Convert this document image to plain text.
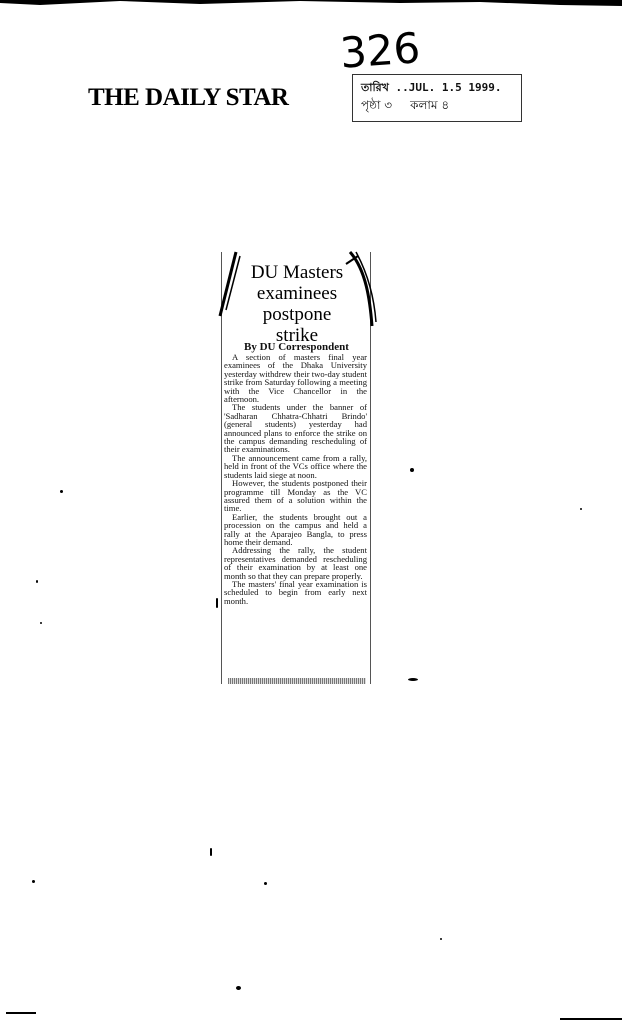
326
THE DAILY STAR	তারিখ ..JUL. 1.5 1999.
পৃষ্ঠা ৩ কলাম ৪
DU Masters
examinees
postpone
strike
By DU Correspondent

A section of masters final year examinees of the Dhaka University yesterday withdrew their two-day student strike from Saturday following a meeting with the Vice Chancellor in the afternoon.

The students under the banner of 'Sadharan Chhatra-Chhatri Brindo' (general students) yesterday had announced plans to enforce the strike on the campus demanding rescheduling of their examinations.

The announcement came from a rally, held in front of the VCs office where the students laid siege at noon.

However, the students postponed their programme till Monday as the VC assured them of a solution within the time.

Earlier, the students brought out a procession on the campus and held a rally at the Aparajeo Bangla, to press home their demand.

Addressing the rally, the student representatives demanded rescheduling of their examination by at least one month so that they can prepare properly.

The masters' final year examination is scheduled to begin from early next month.
